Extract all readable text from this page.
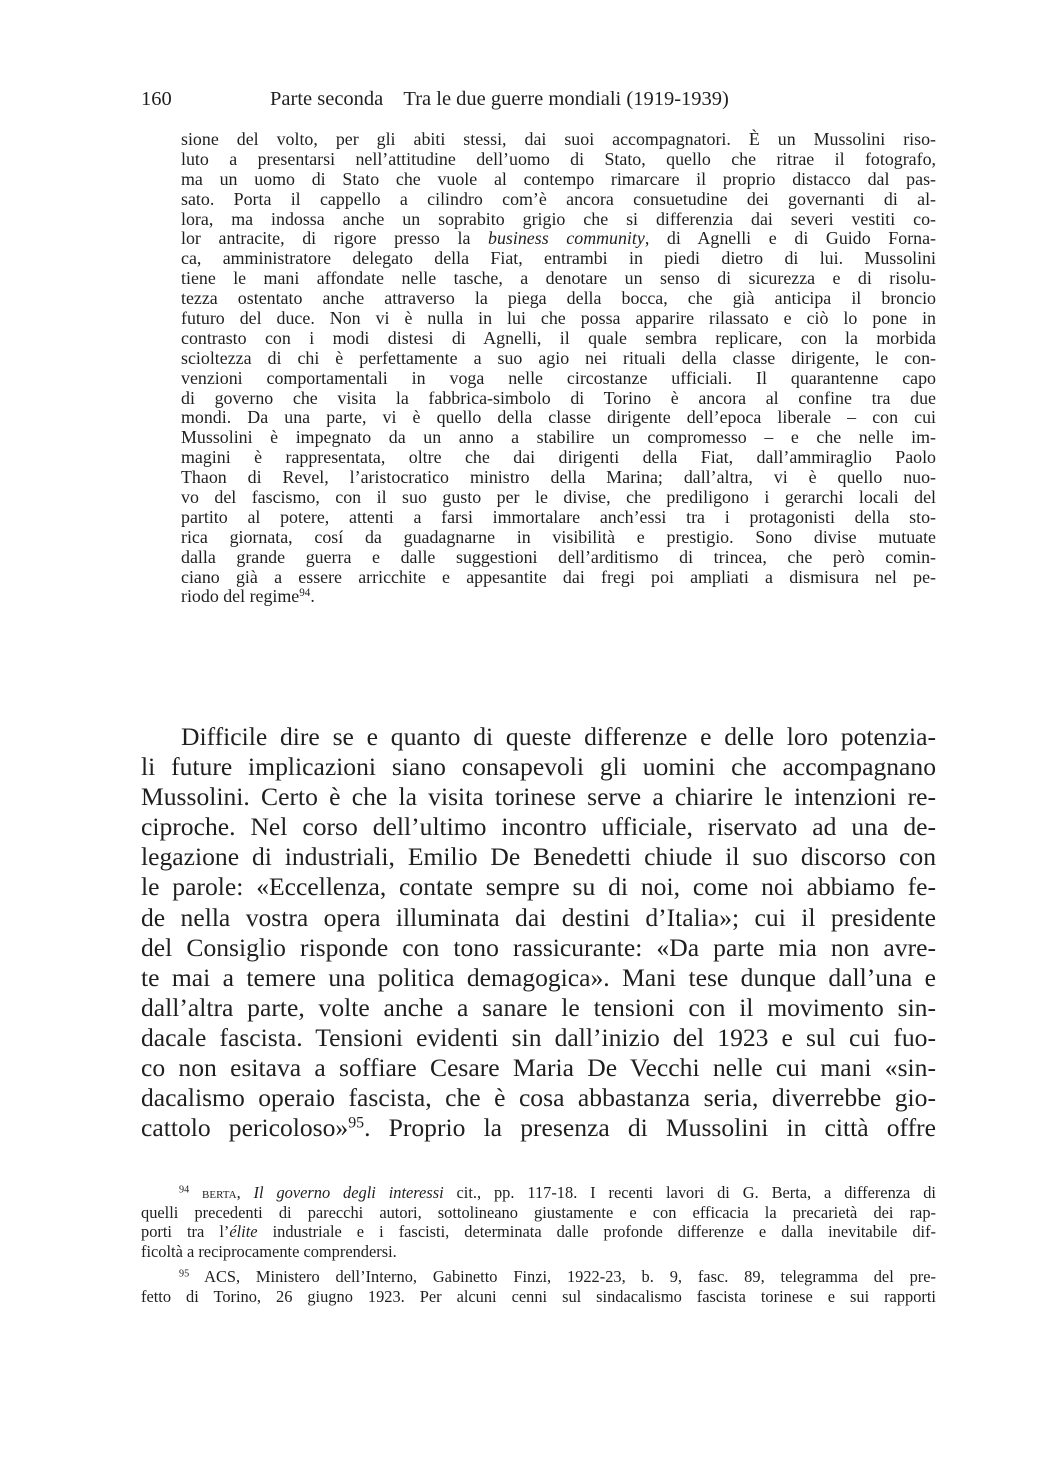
160	Parte seconda    Tra le due guerre mondiali (1919-1939)
sione del volto, per gli abiti stessi, dai suoi accompagnatori. È un Mussolini riso-
luto a presentarsi nell’attitudine dell’uomo di Stato, quello che ritrae il fotografo,
ma un uomo di Stato che vuole al contempo rimarcare il proprio distacco dal pas-
sato. Porta il cappello a cilindro com’è ancora consuetudine dei governanti di al-
lora, ma indossa anche un soprabito grigio che si differenzia dai severi vestiti co-
lor antracite, di rigore presso la business community, di Agnelli e di Guido Forna-
ca, amministratore delegato della Fiat, entrambi in piedi dietro di lui. Mussolini
tiene le mani affondate nelle tasche, a denotare un senso di sicurezza e di risolu-
tezza ostentato anche attraverso la piega della bocca, che già anticipa il broncio
futuro del duce. Non vi è nulla in lui che possa apparire rilassato e ciò lo pone in
contrasto con i modi distesi di Agnelli, il quale sembra replicare, con la morbida
scioltezza di chi è perfettamente a suo agio nei rituali della classe dirigente, le con-
venzioni comportamentali in voga nelle circostanze ufficiali. Il quarantenne capo
di governo che visita la fabbrica-simbolo di Torino è ancora al confine tra due
mondi. Da una parte, vi è quello della classe dirigente dell’epoca liberale – con cui
Mussolini è impegnato da un anno a stabilire un compromesso – e che nelle im-
magini è rappresentata, oltre che dai dirigenti della Fiat, dall’ammiraglio Paolo
Thaon di Revel, l’aristocratico ministro della Marina; dall’altra, vi è quello nuo-
vo del fascismo, con il suo gusto per le divise, che prediligono i gerarchi locali del
partito al potere, attenti a farsi immortalare anch’essi tra i protagonisti della sto-
rica giornata, cosí da guadagnarne in visibilità e prestigio. Sono divise mutuate
dalla grande guerra e dalle suggestioni dell’arditismo di trincea, che però comin-
ciano già a essere arricchite e appesantite dai fregi poi ampliati a dismisura nel pe-
riodo del regime$^{94}$.
Difficile dire se e quanto di queste differenze e delle loro potenzia-
li future implicazioni siano consapevoli gli uomini che accompagnano
Mussolini. Certo è che la visita torinese serve a chiarire le intenzioni re-
ciproche. Nel corso dell’ultimo incontro ufficiale, riservato ad una de-
legazione di industriali, Emilio De Benedetti chiude il suo discorso con
le parole: «Eccellenza, contate sempre su di noi, come noi abbiamo fe-
de nella vostra opera illuminata dai destini d’Italia»; cui il presidente
del Consiglio risponde con tono rassicurante: «Da parte mia non avre-
te mai a temere una politica demagogica». Mani tese dunque dall’una e
dall’altra parte, volte anche a sanare le tensioni con il movimento sin-
dacale fascista. Tensioni evidenti sin dall’inizio del 1923 e sul cui fuo-
co non esitava a soffiare Cesare Maria De Vecchi nelle cui mani «sin-
dacalismo operaio fascista, che è cosa abbastanza seria, diverrebbe gio-
cattolo pericoloso»$^{95}$. Proprio la presenza di Mussolini in città offre
$^{94}$ berta, Il governo degli interessi cit., pp. 117-18. I recenti lavori di G. Berta, a differenza di
quelli precedenti di parecchi autori, sottolineano giustamente e con efficacia la precarietà dei rap-
porti tra l’élite industriale e i fascisti, determinata dalle profonde differenze e dalla inevitabile dif-
ficoltà a reciprocamente comprendersi.
$^{95}$ ACS, Ministero dell’Interno, Gabinetto Finzi, 1922-23, b. 9, fasc. 89, telegramma del pre-
fetto di Torino, 26 giugno 1923. Per alcuni cenni sul sindacalismo fascista torinese e sui rapporti
